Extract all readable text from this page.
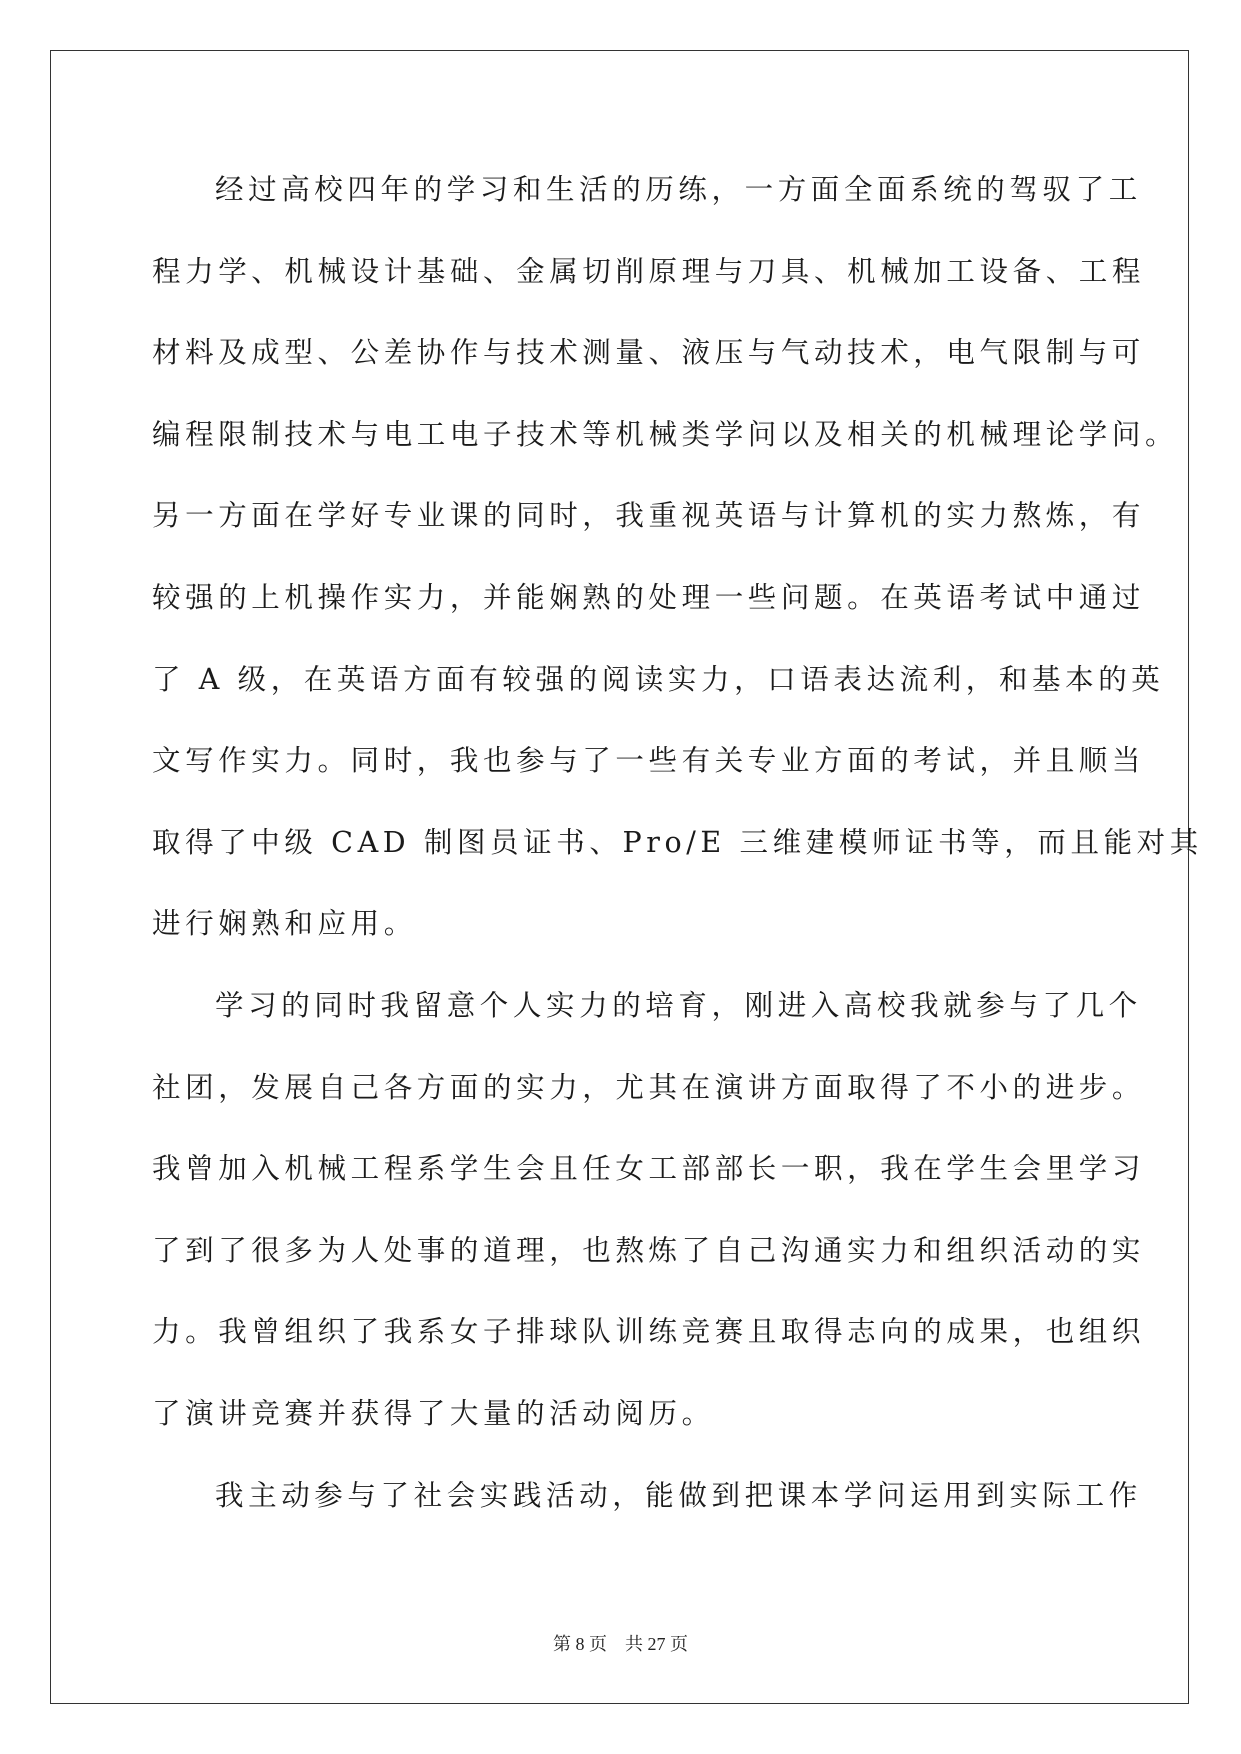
经过高校四年的学习和生活的历练，一方面全面系统的驾驭了工
程力学、机械设计基础、金属切削原理与刀具、机械加工设备、工程
材料及成型、公差协作与技术测量、液压与气动技术，电气限制与可
编程限制技术与电工电子技术等机械类学问以及相关的机械理论学问。
另一方面在学好专业课的同时，我重视英语与计算机的实力熬炼，有
较强的上机操作实力，并能娴熟的处理一些问题。在英语考试中通过
了 A 级，在英语方面有较强的阅读实力，口语表达流利，和基本的英
文写作实力。同时，我也参与了一些有关专业方面的考试，并且顺当
取得了中级 CAD 制图员证书、Pro/E 三维建模师证书等，而且能对其
进行娴熟和应用。
学习的同时我留意个人实力的培育，刚进入高校我就参与了几个
社团，发展自己各方面的实力，尤其在演讲方面取得了不小的进步。
我曾加入机械工程系学生会且任女工部部长一职，我在学生会里学习
了到了很多为人处事的道理，也熬炼了自己沟通实力和组织活动的实
力。我曾组织了我系女子排球队训练竞赛且取得志向的成果，也组织
了演讲竞赛并获得了大量的活动阅历。
我主动参与了社会实践活动，能做到把课本学问运用到实际工作
第 8 页    共 27 页
